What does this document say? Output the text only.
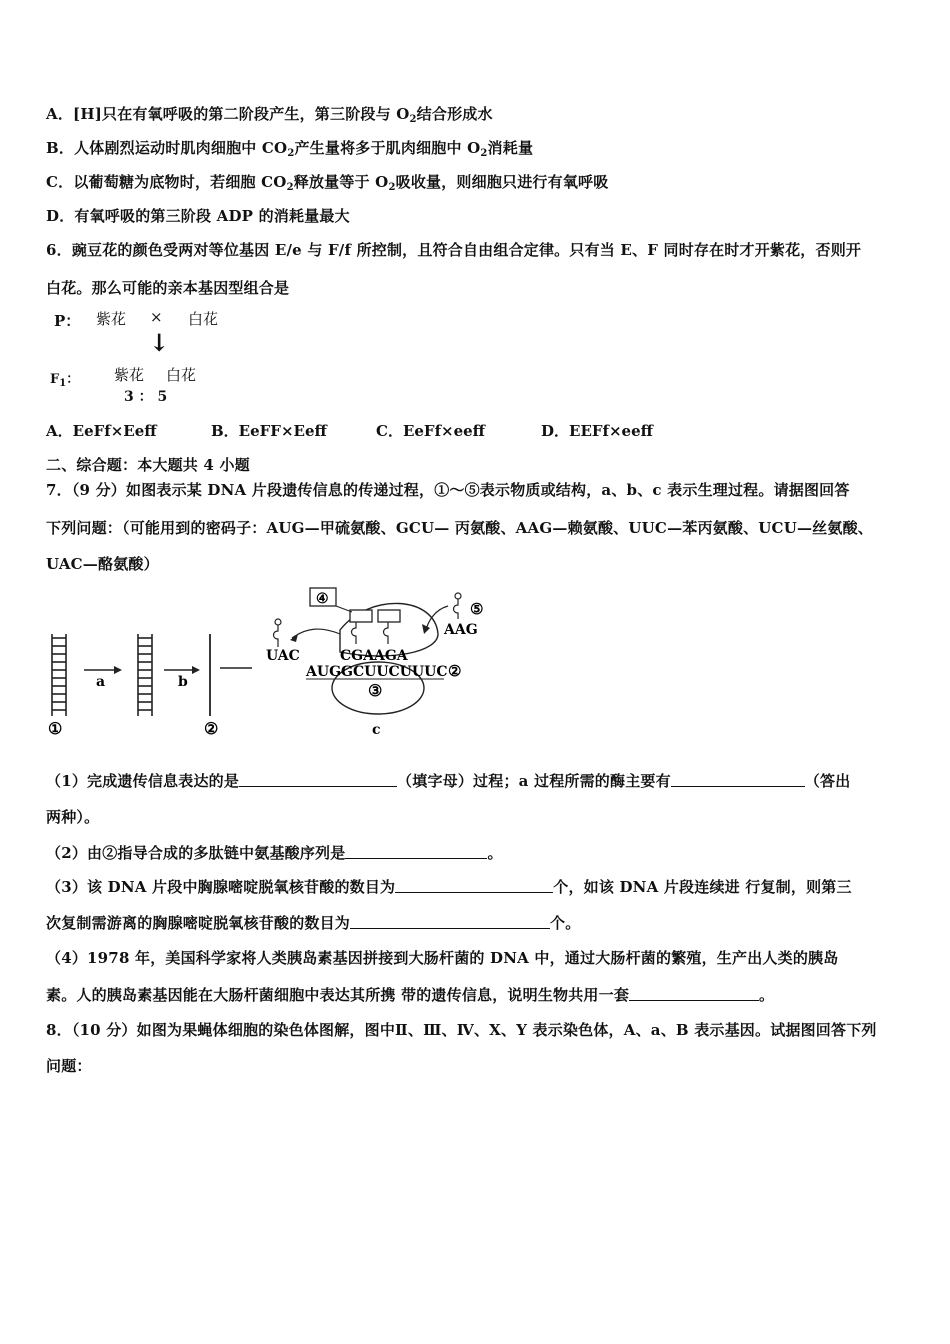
A．[H]只在有氧呼吸的第二阶段产生，第三阶段与 $O_2$结合形成水
B．人体剧烈运动时肌肉细胞中 $CO_2$产生量将多于肌肉细胞中 $O_2$消耗量
C．以葡萄糖为底物时，若细胞 $CO_2$释放量等于 $O_2$吸收量，则细胞只进行有氧呼吸
D．有氧呼吸的第三阶段 ADP 的消耗量最大
6．豌豆花的颜色受两对等位基因 E/e 与 F/f 所控制，且符合自由组合定律。只有当 E、F 同时存在时才开紫花，否则开
白花。那么可能的亲本基因型组合是
P： 紫花 × 白花
↓
$F_1$： 紫花 白花
3 ： 5
A．EeFf×Eeff	B．EeFF×Eeff	C．EeFf×eeff	D．EEFf×eeff
二、综合题：本大题共 4 小题
7．（9 分）如图表示某 DNA 片段遗传信息的传递过程，①～⑤表示物质或结构，a、b、c 表示生理过程。请据图回答
下列问题：（可能用到的密码子：AUG—甲硫氨酸、GCU— 丙氨酸、AAG—赖氨酸、UUC—苯丙氨酸、UCU—丝氨酸、
UAC—酪氨酸）
①
a	b
②
③
④
CGAAGA
AUGGCUUCUUUC ②
UAC
⑤
AAG
c
（1）完成遗传信息表达的是	（填字母）过程；a 过程所需的酶主要有	（答出
两种）。
（2）由②指导合成的多肽链中氨基酸序列是	。
（3）该 DNA 片段中胸腺嘧啶脱氧核苷酸的数目为	个，如该 DNA 片段连续进 行复制，则第三
次复制需游离的胸腺嘧啶脱氧核苷酸的数目为	个。
（4）1978 年，美国科学家将人类胰岛素基因拼接到大肠杆菌的 DNA 中，通过大肠杆菌的繁殖，生产出人类的胰岛
素。人的胰岛素基因能在大肠杆菌细胞中表达其所携 带的遗传信息，说明生物共用一套	。
8．（10 分）如图为果蝇体细胞的染色体图解，图中Ⅱ、Ⅲ、Ⅳ、X、Y 表示染色体，A、a、B 表示基因。试据图回答下列
问题：
